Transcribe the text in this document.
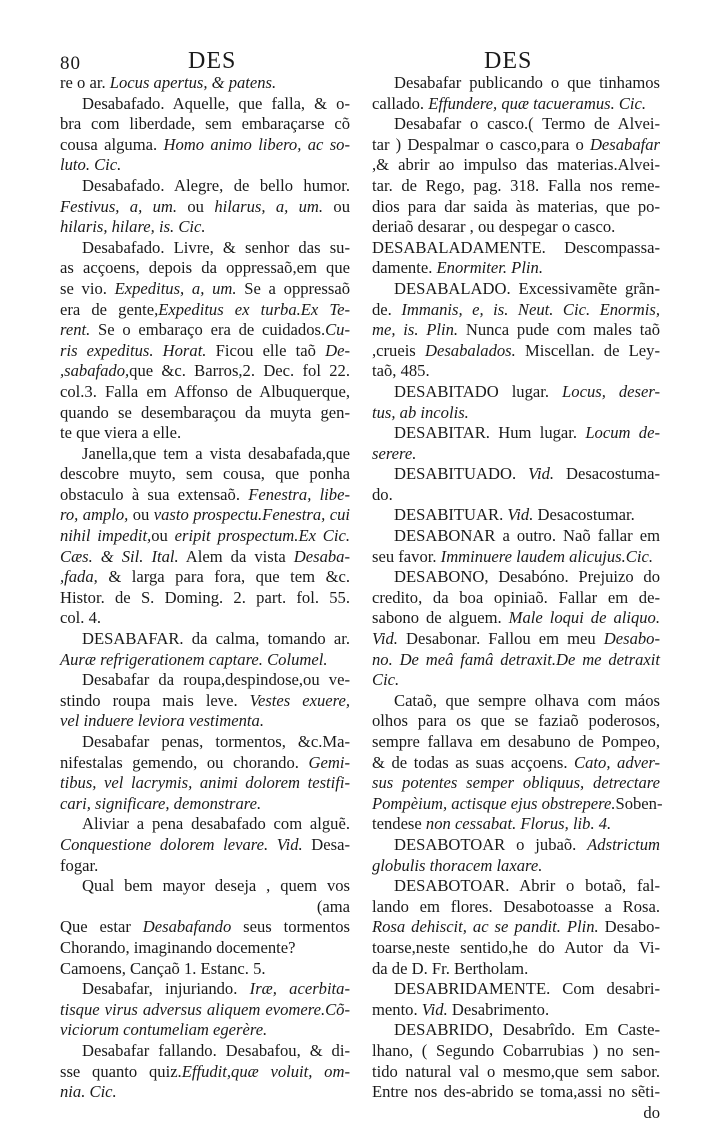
80	DES	DES
re o ar. Locus apertus, & patens.
Desabafado. Aquelle, que falla, & o-
bra com liberdade, sem embaraçarse cõ
cousa alguma. Homo animo libero, ac so-
luto. Cic.
Desabafado. Alegre, de bello humor.
Festivus, a, um. ou hilarus, a, um. ou
hilaris, hilare, is. Cic.
Desabafado. Livre, & senhor das su-
as acçoens, depois da oppressaõ,em que
se vio. Expeditus, a, um. Se a oppressaõ
era de gente,Expeditus ex turba.Ex Te-
rent. Se o embaraço era de cuidados.Cu-
ris expeditus. Horat. Ficou elle taõ De-
,sabafado,que &c. Barros,2. Dec. fol 22.
col.3. Falla em Affonso de Albuquerque,
quando se desembaraçou da muyta gen-
te que viera a elle.
Janella,que tem a vista desabafada,que
descobre muyto, sem cousa, que ponha
obstaculo à sua extensaõ. Fenestra, libe-
ro, amplo, ou vasto prospectu.Fenestra, cui
nihil impedit,ou eripit prospectum.Ex Cic.
Cæs. & Sil. Ital. Alem da vista Desaba-
,fada, & larga para fora, que tem &c.
Histor. de S. Doming. 2. part. fol. 55.
col. 4.
DESABAFAR. da calma, tomando ar.
Auræ refrigerationem captare. Columel.
Desabafar da roupa,despindose,ou ve-
stindo roupa mais leve. Vestes exuere,
vel induere leviora vestimenta.
Desabafar penas, tormentos, &c.Ma-
nifestalas gemendo, ou chorando. Gemi-
tibus, vel lacrymis, animi dolorem testifi-
cari, significare, demonstrare.
Aliviar a pena desabafado com alguẽ.
Conquestione dolorem levare. Vid. Desa-
fogar.
Qual bem mayor deseja , quem vos
(ama
Que estar Desabafando seus tormentos
Chorando, imaginando docemente?
Camoens, Cançaõ 1. Estanc. 5.
Desabafar, injuriando. Iræ, acerbita-
tisque virus adversus aliquem evomere.Cõ-
viciorum contumeliam egerère.
Desabafar fallando. Desabafou, & di-
sse quanto quiz.Effudit,quæ voluit, om-
nia. Cic.
Desabafar publicando o que tinhamos
callado. Effundere, quæ tacueramus. Cic.
Desabafar o casco.( Termo de Alvei-
tar ) Despalmar o casco,para o Desabafar
,& abrir ao impulso das materias.Alvei-
tar. de Rego, pag. 318. Falla nos reme-
dios para dar saida às materias, que po-
deriaõ desarar , ou despegar o casco.
DESABALADAMENTE. Descompassa-
damente. Enormiter. Plin.
DESABALADO. Excessivamẽte grãn-
de. Immanis, e, is. Neut. Cic. Enormis,
me, is. Plin. Nunca pude com males taõ
,crueis Desabalados. Miscellan. de Ley-
taõ, 485.
DESABITADO lugar. Locus, deser-
tus, ab incolis.
DESABITAR. Hum lugar. Locum de-
serere.
DESABITUADO. Vid. Desacostuma-
do.
DESABITUAR. Vid. Desacostumar.
DESABONAR a outro. Naõ fallar em
seu favor. Imminuere laudem alicujus.Cic.
DESABONO, Desabóno. Prejuizo do
credito, da boa opiniaõ. Fallar em de-
sabono de alguem. Male loqui de aliquo.
Vid. Desabonar. Fallou em meu Desabo-
no. De meâ famâ detraxit.De me detraxit
Cic.
Cataõ, que sempre olhava com máos
olhos para os que se faziaõ poderosos,
sempre fallava em desabuno de Pompeo,
& de todas as suas acçoens. Cato, adver-
sus potentes semper obliquus, detrectare
Pompèium, actisque ejus obstrepere.Soben-
tendese non cessabat. Florus, lib. 4.
DESABOTOAR o jubaõ. Adstrictum
globulis thoracem laxare.
DESABOTOAR. Abrir o botaõ, fal-
lando em flores. Desabotoasse a Rosa.
Rosa dehiscit, ac se pandit. Plin. Desabo-
toarse,neste sentido,he do Autor da Vi-
da de D. Fr. Bertholam.
DESABRIDAMENTE. Com desabri-
mento. Vid. Desabrimento.
DESABRIDO, Desabrîdo. Em Caste-
lhano, ( Segundo Cobarrubias ) no sen-
tido natural val o mesmo,que sem sabor.
Entre nos des-abrido se toma,assi no sẽti-
do
